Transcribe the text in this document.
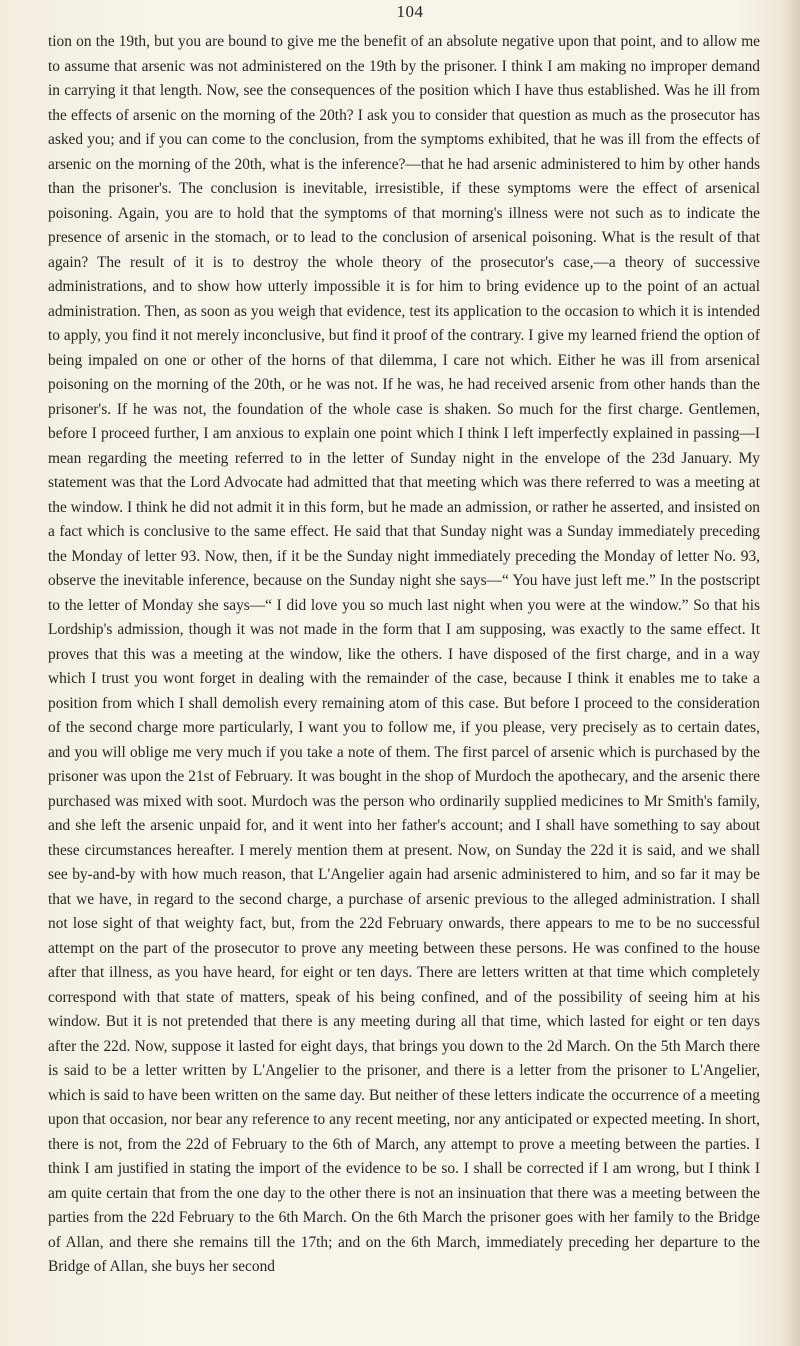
104

tion on the 19th, but you are bound to give me the benefit of an absolute negative upon that point, and to allow me to assume that arsenic was not administered on the 19th by the prisoner. I think I am making no improper demand in carrying it that length. Now, see the consequences of the position which I have thus established. Was he ill from the effects of arsenic on the morning of the 20th? I ask you to consider that question as much as the prosecutor has asked you; and if you can come to the conclusion, from the symptoms exhibited, that he was ill from the effects of arsenic on the morning of the 20th, what is the inference?—that he had arsenic administered to him by other hands than the prisoner's. The conclusion is inevitable, irresistible, if these symptoms were the effect of arsenical poisoning. Again, you are to hold that the symptoms of that morning's illness were not such as to indicate the presence of arsenic in the stomach, or to lead to the conclusion of arsenical poisoning. What is the result of that again? The result of it is to destroy the whole theory of the prosecutor's case,—a theory of successive administrations, and to show how utterly impossible it is for him to bring evidence up to the point of an actual administration. Then, as soon as you weigh that evidence, test its application to the occasion to which it is intended to apply, you find it not merely inconclusive, but find it proof of the contrary. I give my learned friend the option of being impaled on one or other of the horns of that dilemma, I care not which. Either he was ill from arsenical poisoning on the morning of the 20th, or he was not. If he was, he had received arsenic from other hands than the prisoner's. If he was not, the foundation of the whole case is shaken. So much for the first charge. Gentlemen, before I proceed further, I am anxious to explain one point which I think I left imperfectly explained in passing—I mean regarding the meeting referred to in the letter of Sunday night in the envelope of the 23d January. My statement was that the Lord Advocate had admitted that that meeting which was there referred to was a meeting at the window. I think he did not admit it in this form, but he made an admission, or rather he asserted, and insisted on a fact which is conclusive to the same effect. He said that that Sunday night was a Sunday immediately preceding the Monday of letter 93. Now, then, if it be the Sunday night immediately preceding the Monday of letter No. 93, observe the inevitable inference, because on the Sunday night she says—“ You have just left me.” In the postscript to the letter of Monday she says—“ I did love you so much last night when you were at the window.” So that his Lordship's admission, though it was not made in the form that I am supposing, was exactly to the same effect. It proves that this was a meeting at the window, like the others. I have disposed of the first charge, and in a way which I trust you wont forget in dealing with the remainder of the case, because I think it enables me to take a position from which I shall demolish every remaining atom of this case. But before I proceed to the consideration of the second charge more particularly, I want you to follow me, if you please, very precisely as to certain dates, and you will oblige me very much if you take a note of them. The first parcel of arsenic which is purchased by the prisoner was upon the 21st of February. It was bought in the shop of Murdoch the apothecary, and the arsenic there purchased was mixed with soot. Murdoch was the person who ordinarily supplied medicines to Mr Smith's family, and she left the arsenic unpaid for, and it went into her father's account; and I shall have something to say about these circumstances hereafter. I merely mention them at present. Now, on Sunday the 22d it is said, and we shall see by-and-by with how much reason, that L'Angelier again had arsenic administered to him, and so far it may be that we have, in regard to the second charge, a purchase of arsenic previous to the alleged administration. I shall not lose sight of that weighty fact, but, from the 22d February onwards, there appears to me to be no successful attempt on the part of the prosecutor to prove any meeting between these persons. He was confined to the house after that illness, as you have heard, for eight or ten days. There are letters written at that time which completely correspond with that state of matters, speak of his being confined, and of the possibility of seeing him at his window. But it is not pretended that there is any meeting during all that time, which lasted for eight or ten days after the 22d. Now, suppose it lasted for eight days, that brings you down to the 2d March. On the 5th March there is said to be a letter written by L'Angelier to the prisoner, and there is a letter from the prisoner to L'Angelier, which is said to have been written on the same day. But neither of these letters indicate the occurrence of a meeting upon that occasion, nor bear any reference to any recent meeting, nor any anticipated or expected meeting. In short, there is not, from the 22d of February to the 6th of March, any attempt to prove a meeting between the parties. I think I am justified in stating the import of the evidence to be so. I shall be corrected if I am wrong, but I think I am quite certain that from the one day to the other there is not an insinuation that there was a meeting between the parties from the 22d February to the 6th March. On the 6th March the prisoner goes with her family to the Bridge of Allan, and there she remains till the 17th; and on the 6th March, immediately preceding her departure to the Bridge of Allan, she buys her second
